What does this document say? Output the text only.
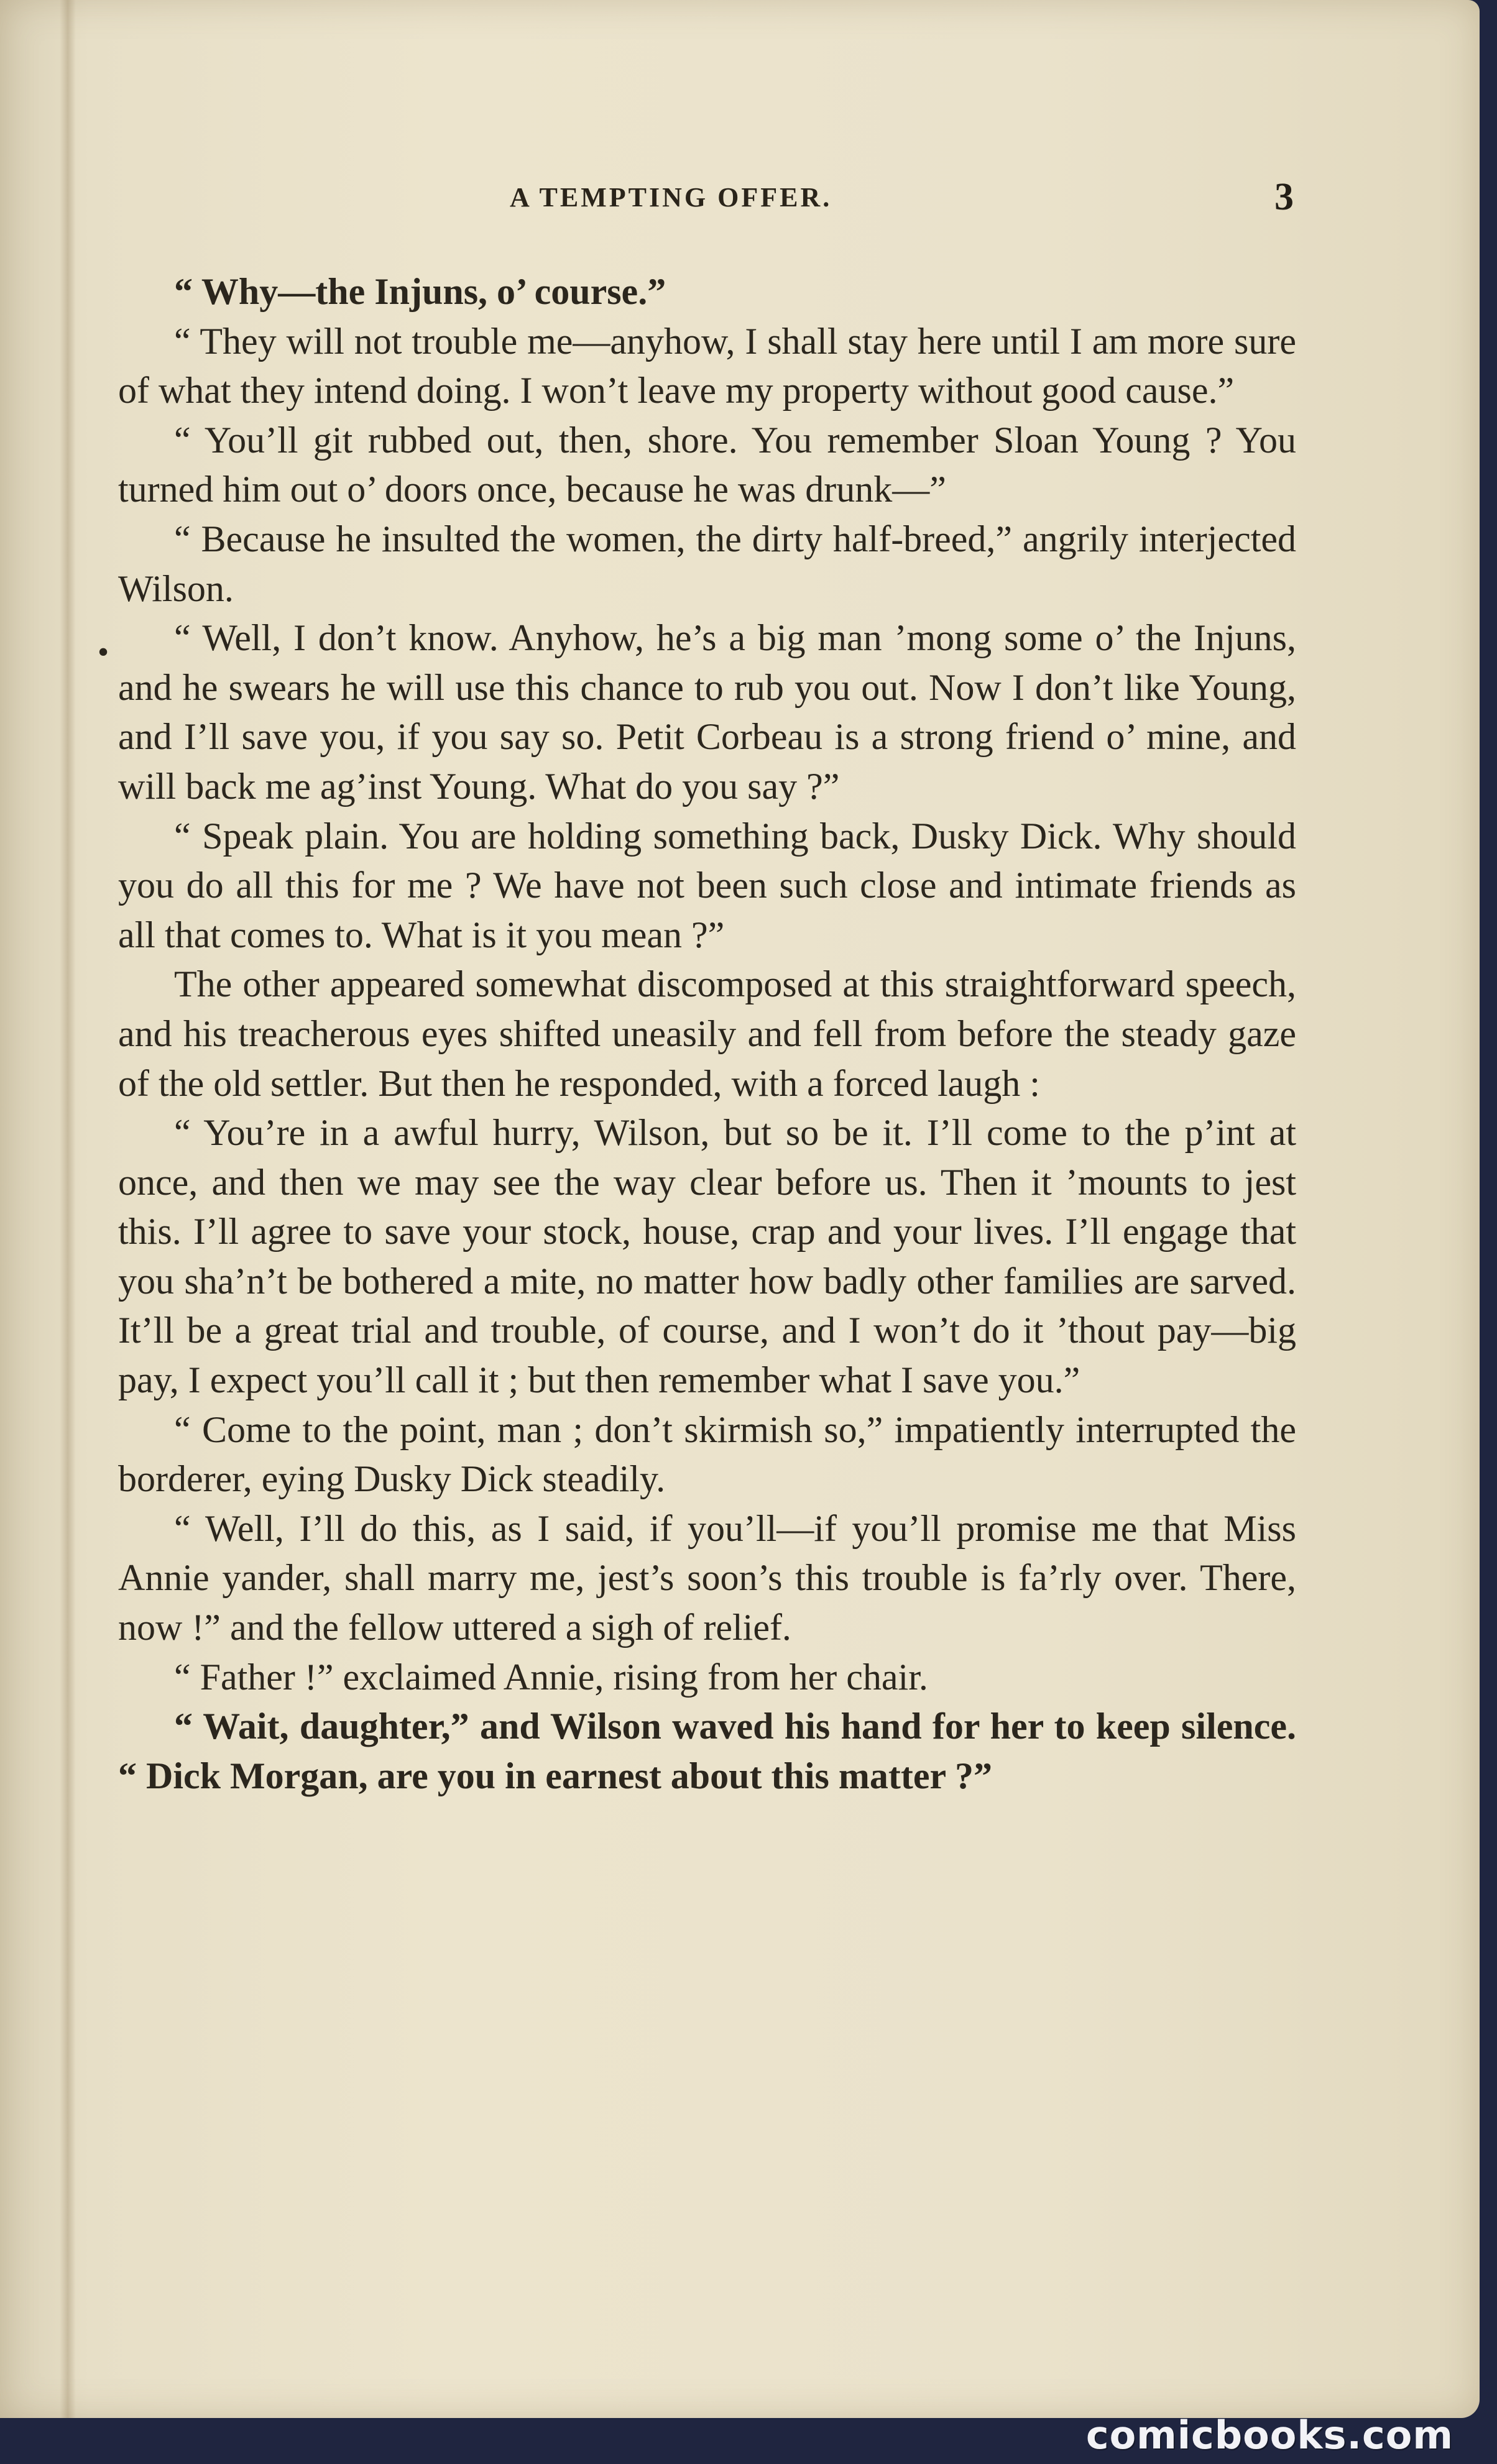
A TEMPTING OFFER.	3
•

“ Why—the Injuns, o’ course.”

“ They will not trouble me—anyhow, I shall stay here until I am more sure of what they intend doing. I won’t leave my property without good cause.”

“ You’ll git rubbed out, then, shore. You remember Sloan Young ? You turned him out o’ doors once, because he was drunk—”

“ Because he insulted the women, the dirty half-breed,” angrily interjected Wilson.

“ Well, I don’t know. Anyhow, he’s a big man ’mong some o’ the Injuns, and he swears he will use this chance to rub you out. Now I don’t like Young, and I’ll save you, if you say so. Petit Corbeau is a strong friend o’ mine, and will back me ag’inst Young. What do you say ?”

“ Speak plain. You are holding something back, Dusky Dick. Why should you do all this for me ? We have not been such close and intimate friends as all that comes to. What is it you mean ?”

The other appeared somewhat discomposed at this straightforward speech, and his treacherous eyes shifted uneasily and fell from before the steady gaze of the old settler. But then he responded, with a forced laugh :

“ You’re in a awful hurry, Wilson, but so be it. I’ll come to the p’int at once, and then we may see the way clear before us. Then it ’mounts to jest this. I’ll agree to save your stock, house, crap and your lives. I’ll engage that you sha’n’t be bothered a mite, no matter how badly other families are sarved. It’ll be a great trial and trouble, of course, and I won’t do it ’thout pay—big pay, I expect you’ll call it ; but then remember what I save you.”

“ Come to the point, man ; don’t skirmish so,” impatiently interrupted the borderer, eying Dusky Dick steadily.

“ Well, I’ll do this, as I said, if you’ll—if you’ll promise me that Miss Annie yander, shall marry me, jest’s soon’s this trouble is fa’rly over. There, now !” and the fellow uttered a sigh of relief.

“ Father !” exclaimed Annie, rising from her chair.

“ Wait, daughter,” and Wilson waved his hand for her to keep silence. “ Dick Morgan, are you in earnest about this matter ?”

comicbooks.com
